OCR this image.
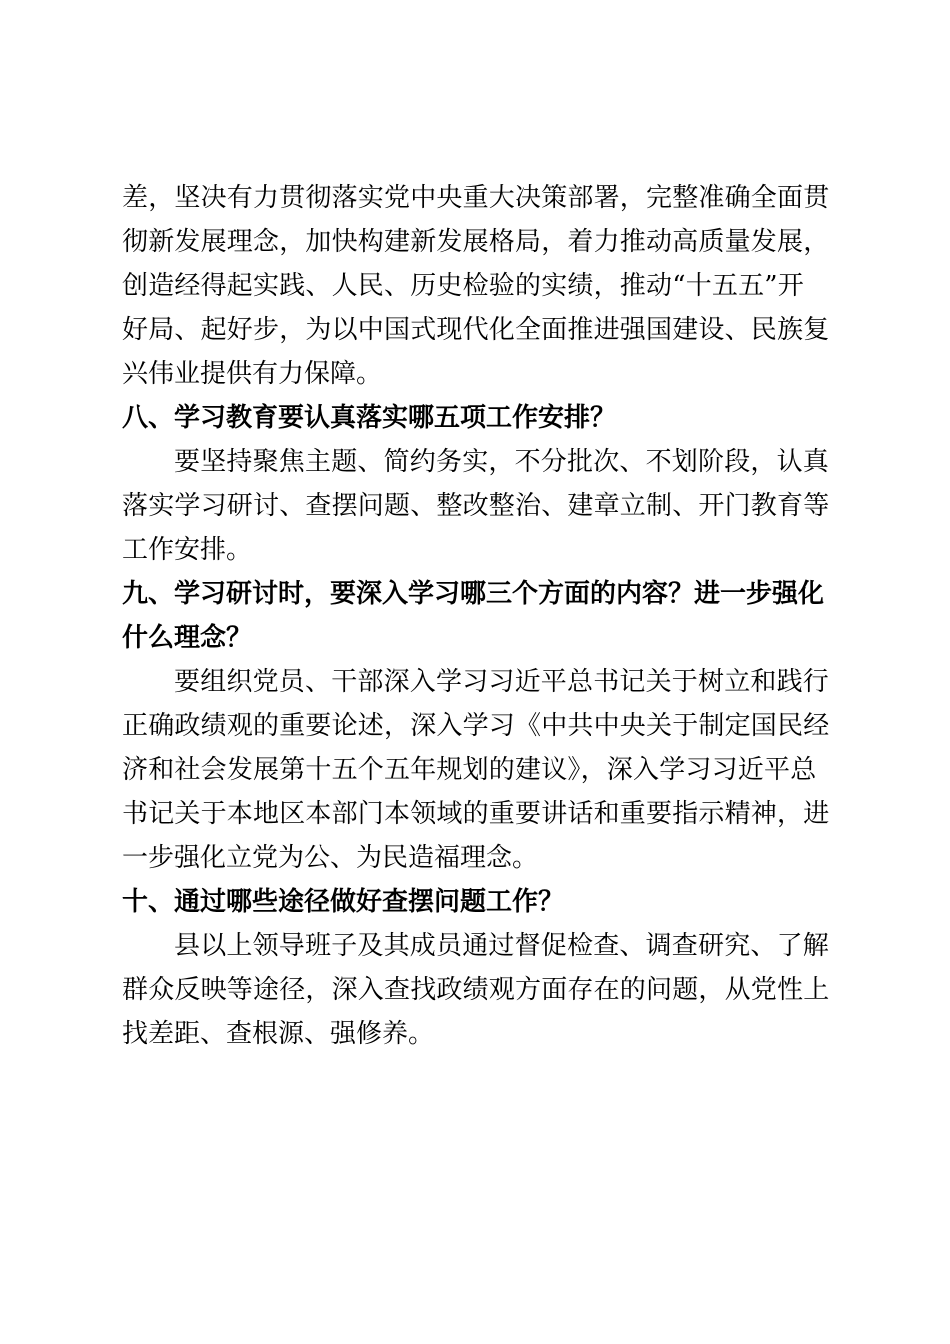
差，坚决有力贯彻落实党中央重大决策部署，完整准确全面贯
彻新发展理念，加快构建新发展格局，着力推动高质量发展，
创造经得起实践、人民、历史检验的实绩，推动“十五五”开
好局、起好步，为以中国式现代化全面推进强国建设、民族复
兴伟业提供有力保障。
八、学习教育要认真落实哪五项工作安排？
要坚持聚焦主题、简约务实，不分批次、不划阶段，认真
落实学习研讨、查摆问题、整改整治、建章立制、开门教育等
工作安排。
九、学习研讨时，要深入学习哪三个方面的内容？进一步强化
什么理念？
要组织党员、干部深入学习习近平总书记关于树立和践行
正确政绩观的重要论述，深入学习《中共中央关于制定国民经
济和社会发展第十五个五年规划的建议》，深入学习习近平总
书记关于本地区本部门本领域的重要讲话和重要指示精神，进
一步强化立党为公、为民造福理念。
十、通过哪些途径做好查摆问题工作？
县以上领导班子及其成员通过督促检查、调查研究、了解
群众反映等途径，深入查找政绩观方面存在的问题，从党性上
找差距、查根源、强修养。
